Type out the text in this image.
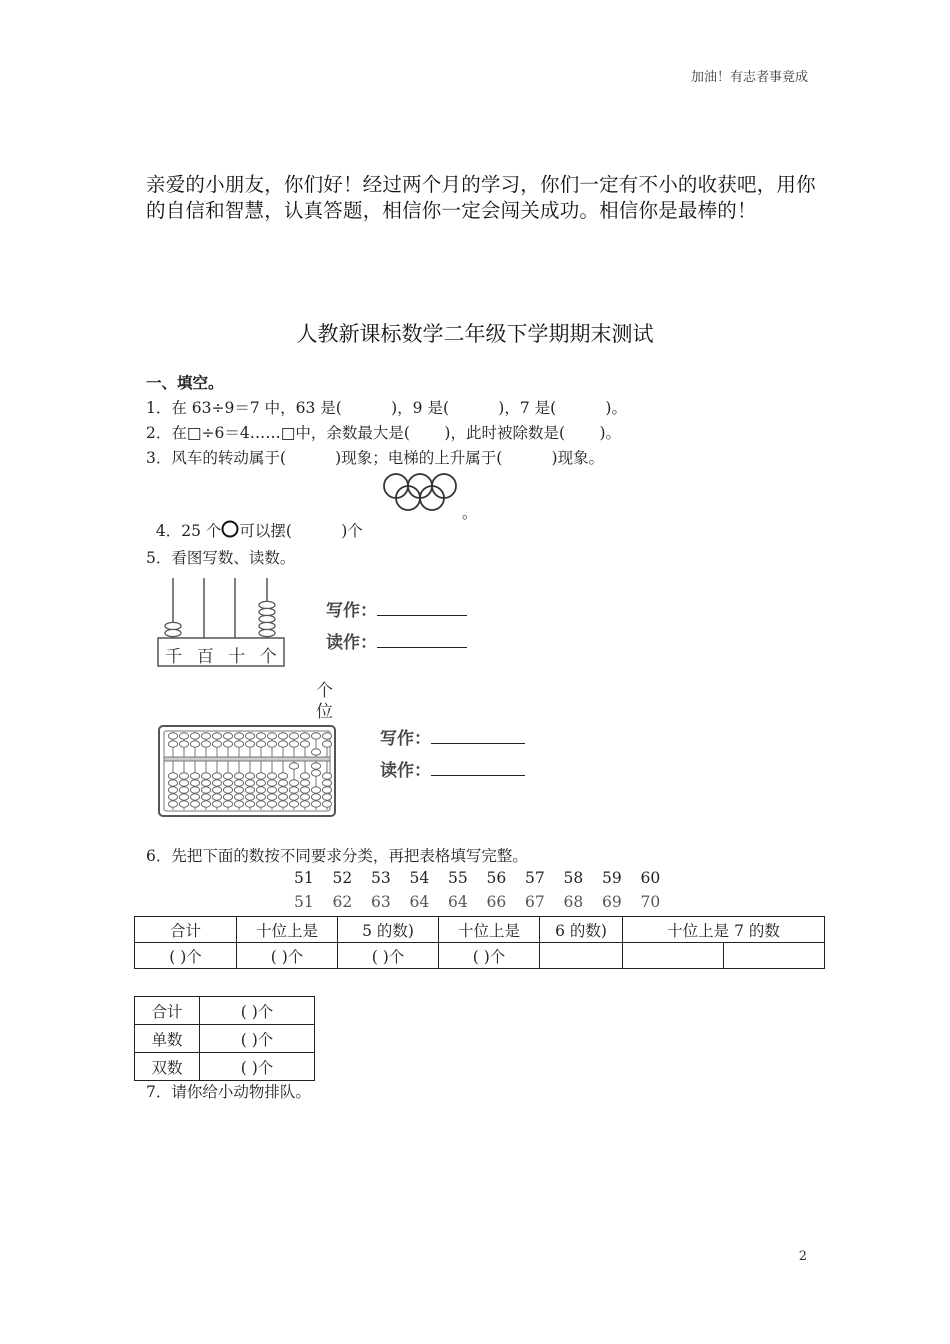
加油！有志者事竟成
亲爱的小朋友，你们好！经过两个月的学习，你们一定有不小的收获吧，用你的自信和智慧，认真答题，相信你一定会闯关成功。相信你是最棒的！
人教新课标数学二年级下学期期末测试
一、填空。
1．在 63÷9＝7 中，63 是(          )，9 是(          )，7 是(          )。
2．在□÷6＝4……□中，余数最大是(       )，此时被除数是(       )。
3．风车的转动属于(          )现象；电梯的上升属于(          )现象。

4．25 个 可以摆(          )个

。
5．看图写数、读数。
千 百 十 个
写作：
读作：
个
位
写作：
读作：
6．先把下面的数按不同要求分类，再把表格填写完整。
51 52 53 54 55 56 57 58 59 60
51 62 63 64 64 66 67 68 69 70
合计	十位上是	5 的数)	十位上是	6 的数)	十位上是 7 的数	
( )个	( )个	( )个	( )个			
合计	( )个
单数	( )个
双数	( )个
7．请你给小动物排队。
2
